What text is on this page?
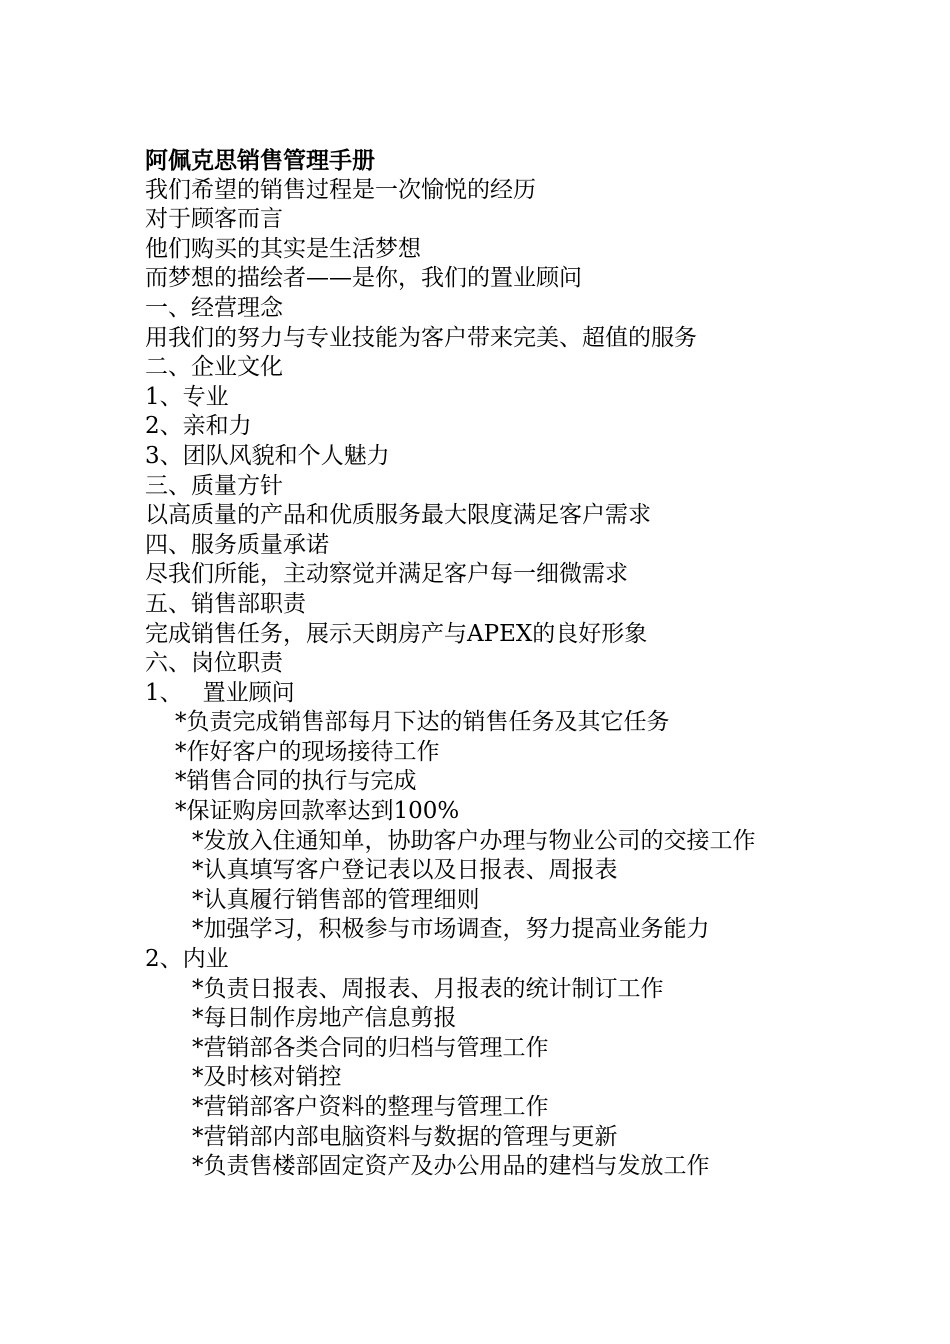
阿佩克思销售管理手册
我们希望的销售过程是一次愉悦的经历
对于顾客而言
他们购买的其实是生活梦想
而梦想的描绘者——是你，我们的置业顾问
一、经营理念
用我们的努力与专业技能为客户带来完美、超值的服务
二、企业文化
1、专业
2、亲和力
3、团队风貌和个人魅力
三、质量方针
以高质量的产品和优质服务最大限度满足客户需求
四、服务质量承诺
尽我们所能，主动察觉并满足客户每一细微需求
五、销售部职责
完成销售任务，展示天朗房产与APEX的良好形象
六、岗位职责
1、 置业顾问
*负责完成销售部每月下达的销售任务及其它任务
*作好客户的现场接待工作
*销售合同的执行与完成
*保证购房回款率达到100%
*发放入住通知单，协助客户办理与物业公司的交接工作
*认真填写客户登记表以及日报表、周报表
*认真履行销售部的管理细则
*加强学习，积极参与市场调查，努力提高业务能力
2、内业
*负责日报表、周报表、月报表的统计制订工作
*每日制作房地产信息剪报
*营销部各类合同的归档与管理工作
*及时核对销控
*营销部客户资料的整理与管理工作
*营销部内部电脑资料与数据的管理与更新
*负责售楼部固定资产及办公用品的建档与发放工作
